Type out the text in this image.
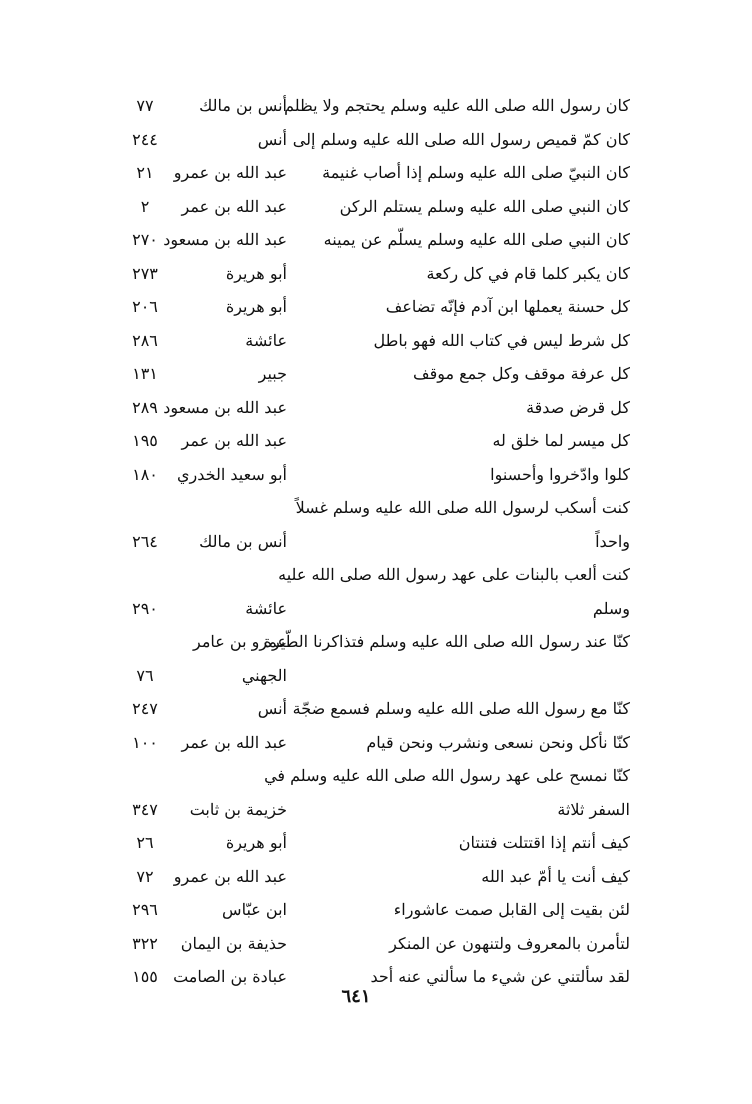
كان رسول الله صلى الله عليه وسلم يحتجم ولا يظلم
أنس بن مالك
٧٧
كان كمّ قميص رسول الله صلى الله عليه وسلم إلى
أنس
٢٤٤
كان النبيّ صلى الله عليه وسلم إذا أصاب غنيمة
عبد الله بن عمرو
٢١
كان النبي صلى الله عليه وسلم يستلم الركن
عبد الله بن عمر
٢
كان النبي صلى الله عليه وسلم يسلّم عن يمينه
عبد الله بن مسعود
٢٧٠
كان يكبر كلما قام في كل ركعة
أبو هريرة
٢٧٣
كل حسنة يعملها ابن آدم فإنّه تضاعف
أبو هريرة
٢٠٦
كل شرط ليس في كتاب الله فهو باطل
عائشة
٢٨٦
كل عرفة موقف وكل جمع موقف
جبير
١٣١
كل قرض صدقة
عبد الله بن مسعود
٢٨٩
كل ميسر لما خلق له
عبد الله بن عمر
١٩٥
كلوا وادّخروا وأحسنوا
أبو سعيد الخدري
١٨٠
كنت أسكب لرسول الله صلى الله عليه وسلم غسلاً
واحداً
أنس بن مالك
٢٦٤
كنت ألعب بالبنات على عهد رسول الله صلى الله عليه
وسلم
عائشة
٢٩٠
كنّا عند رسول الله صلى الله عليه وسلم فتذاكرنا الطّيرة
عمرو بن عامر
الجهني
٧٦
كنّا مع رسول الله صلى الله عليه وسلم فسمع ضجّة
أنس
٢٤٧
كنّا نأكل ونحن نسعى ونشرب ونحن قيام
عبد الله بن عمر
١٠٠
كنّا نمسح على عهد رسول الله صلى الله عليه وسلم في
السفر ثلاثة
خزيمة بن ثابت
٣٤٧
كيف أنتم إذا اقتتلت فتنتان
أبو هريرة
٢٦
كيف أنت يا أمّ عبد الله
عبد الله بن عمرو
٧٢
لئن بقيت إلى القابل صمت عاشوراء
ابن عبّاس
٢٩٦
لتأمرن بالمعروف ولتنهون عن المنكر
حذيفة بن اليمان
٣٢٢
لقد سألتني عن شيء ما سألني عنه أحد
عبادة بن الصامت
١٥٥
٦٤١
